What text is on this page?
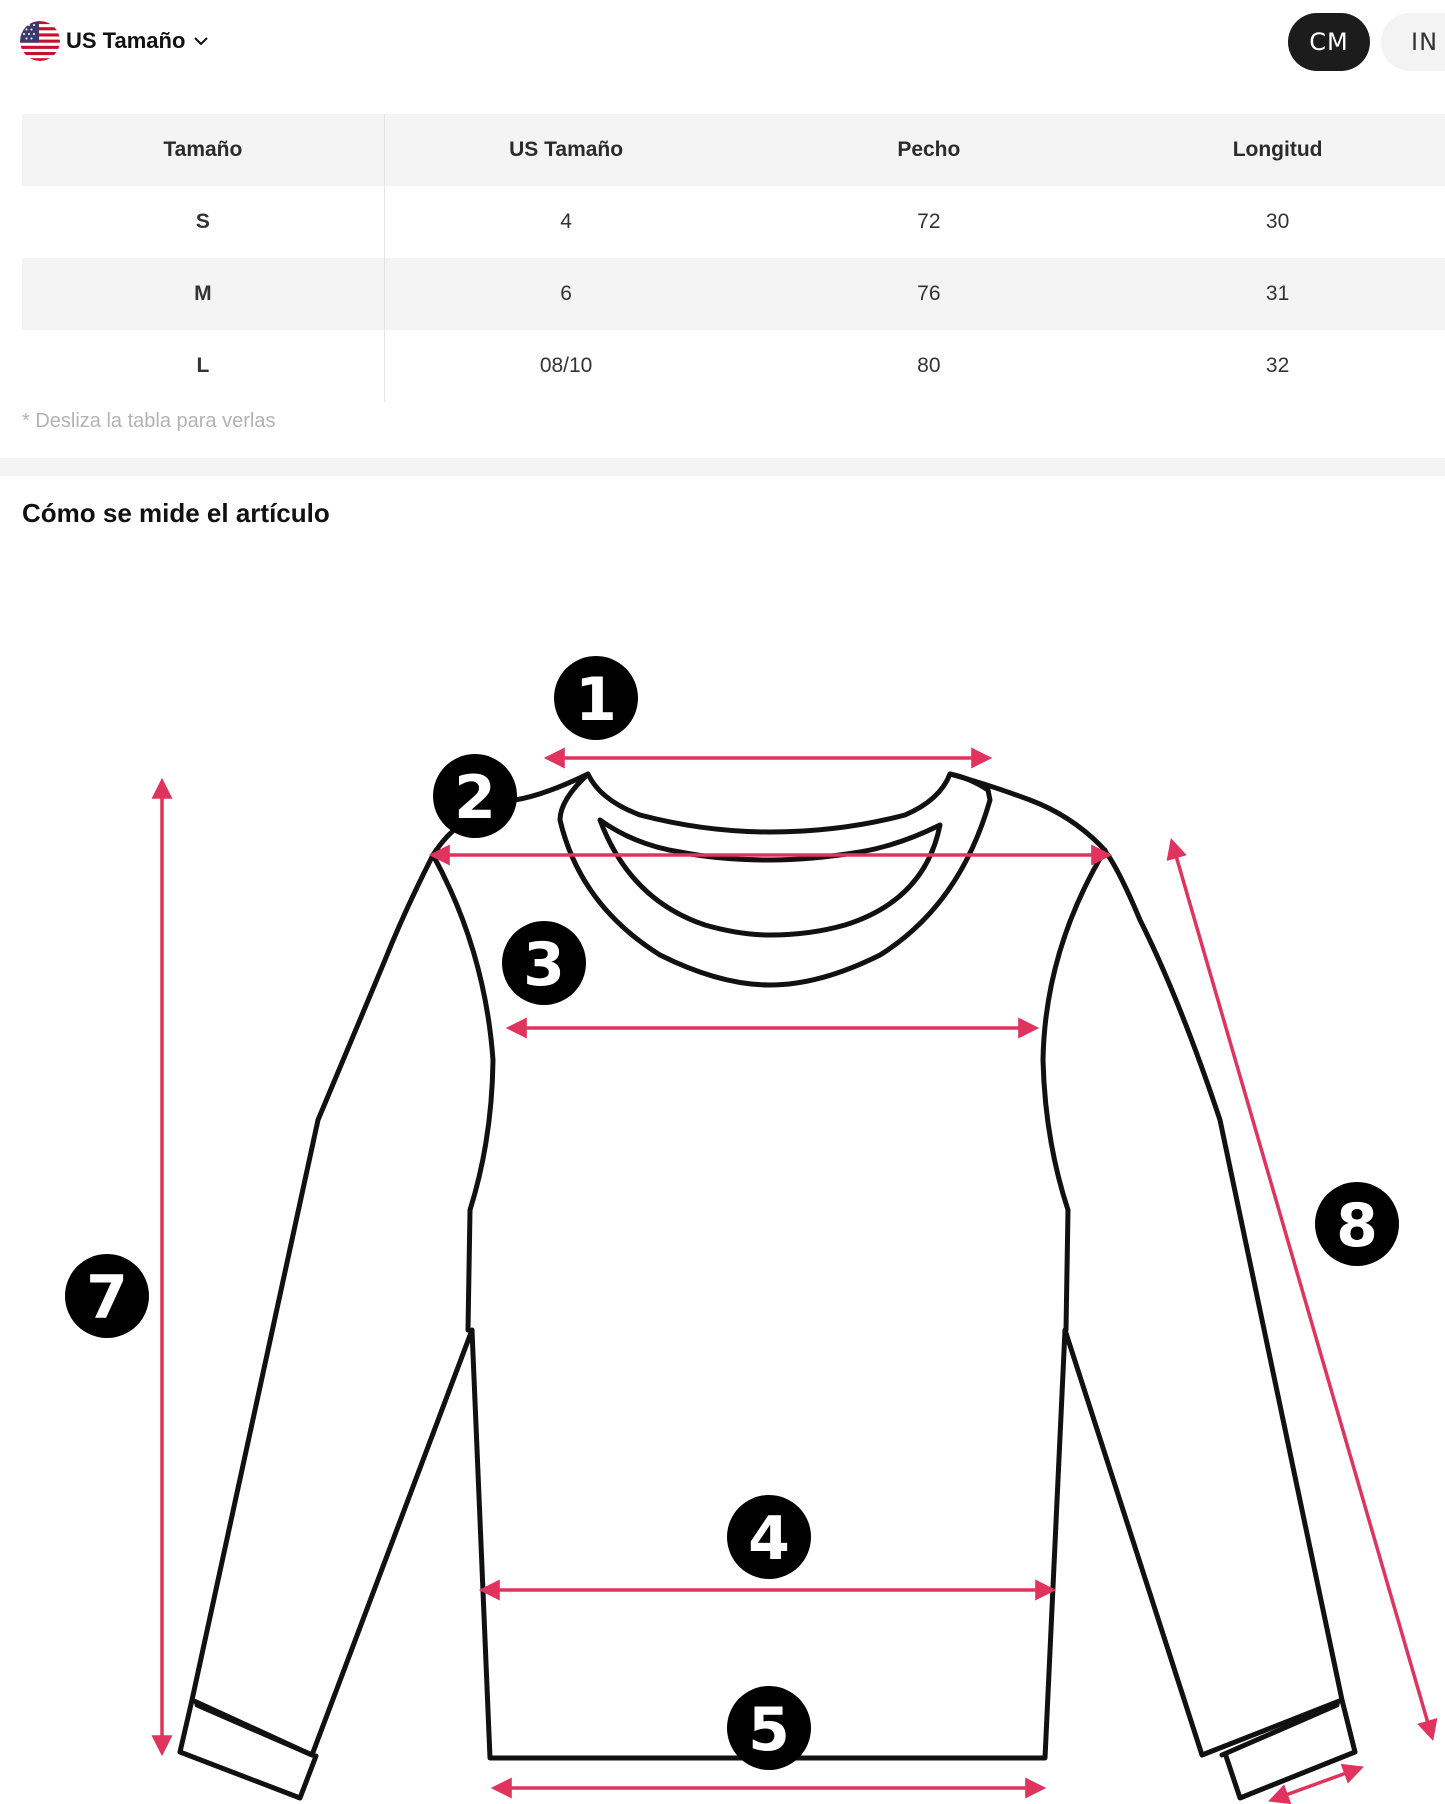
US Tamaño	CM	IN
Tamaño	US Tamaño	Pecho	Longitud
S	4	72	30
M	6	76	31
L	08/10	80	32
* Desliza la tabla para verlas
Cómo se mide el artículo
1
2
3
4
5
7
8
